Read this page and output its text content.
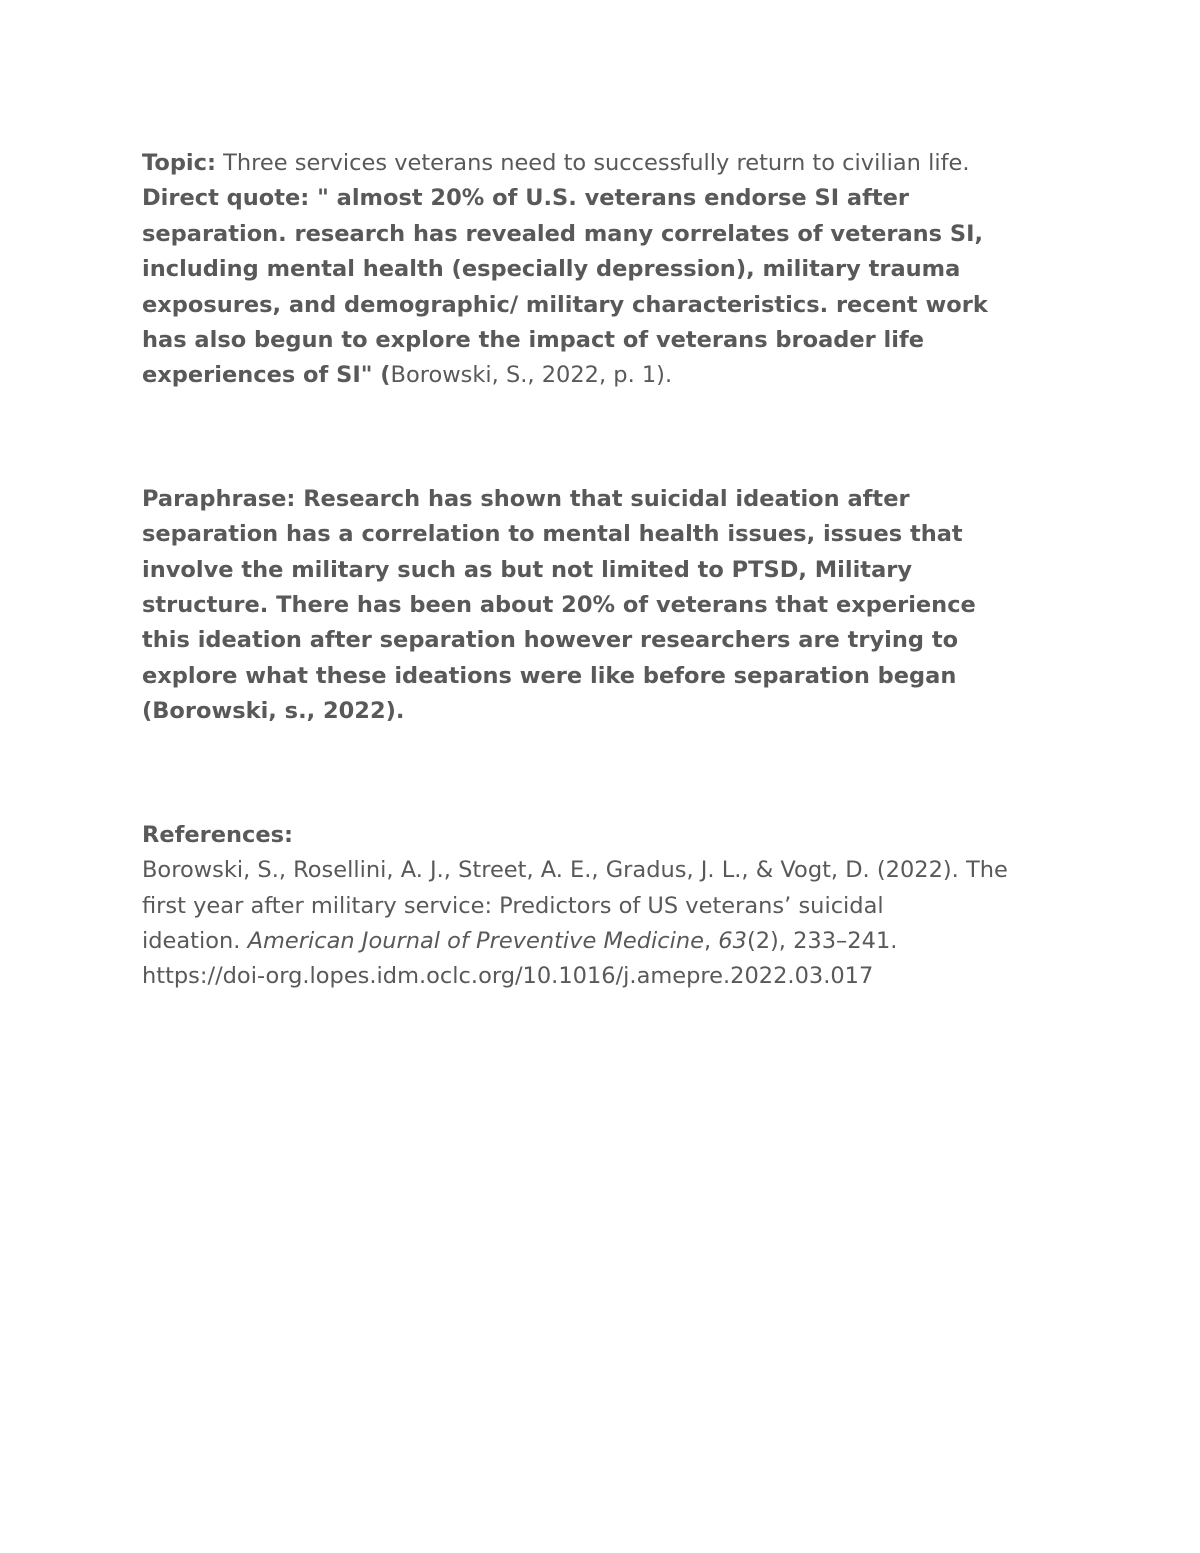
Topic: Three services veterans need to successfully return to civilian life.
Direct quote: " almost 20% of U.S. veterans endorse SI after
separation. research has revealed many correlates of veterans SI,
including mental health (especially depression), military trauma
exposures, and demographic/ military characteristics. recent work
has also begun to explore the impact of veterans broader life
experiences of SI" (Borowski, S., 2022, p. 1).
Paraphrase: Research has shown that suicidal ideation after
separation has a correlation to mental health issues, issues that
involve the military such as but not limited to PTSD, Military
structure. There has been about 20% of veterans that experience
this ideation after separation however researchers are trying to
explore what these ideations were like before separation began
(Borowski, s., 2022).
References:
Borowski, S., Rosellini, A. J., Street, A. E., Gradus, J. L., & Vogt, D. (2022). The
first year after military service: Predictors of US veterans’ suicidal
ideation. American Journal of Preventive Medicine, 63(2), 233–241.
https://doi-org.lopes.idm.oclc.org/10.1016/j.amepre.2022.03.017
